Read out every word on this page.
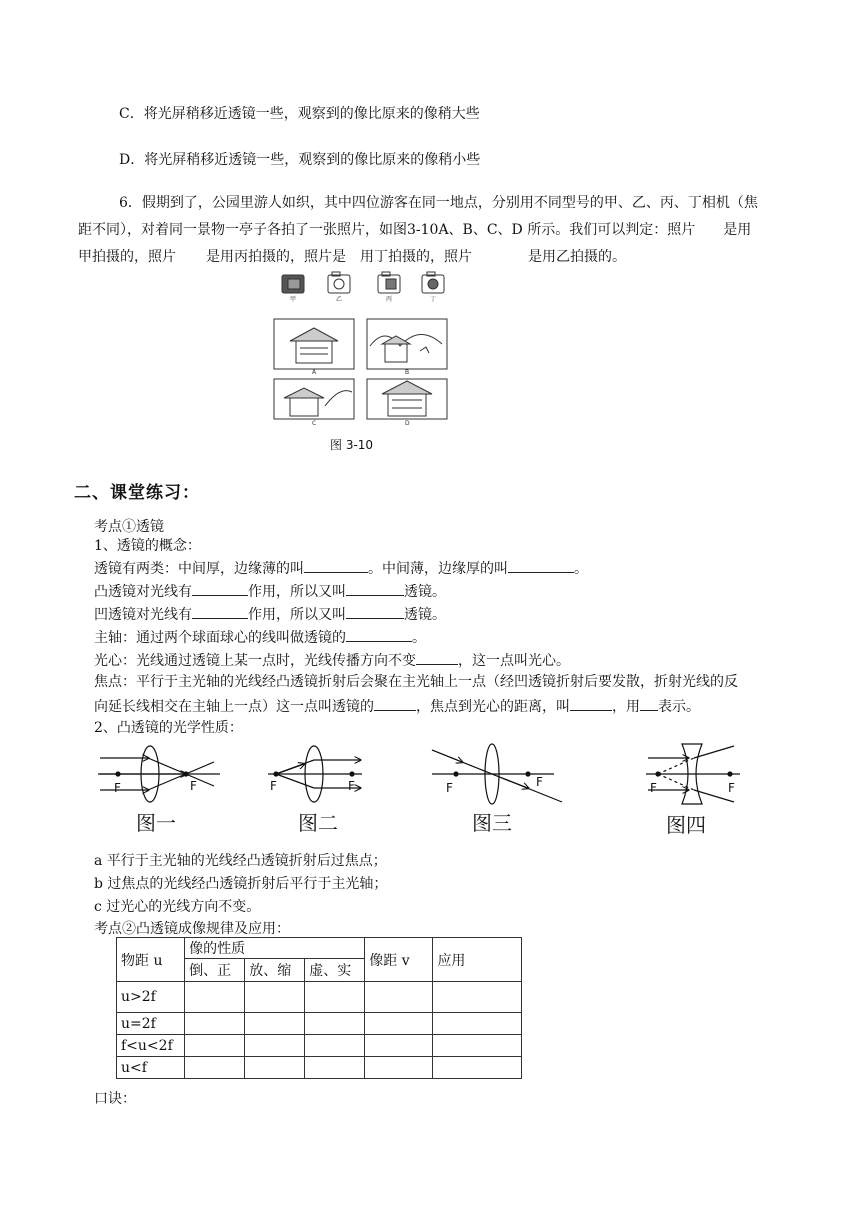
C．将光屏稍移近透镜一些，观察到的像比原来的像稍大些
D．将光屏稍移近透镜一些，观察到的像比原来的像稍小些
6．假期到了，公园里游人如织，其中四位游客在同一地点，分别用不同型号的甲、乙、丙、丁相机（焦
距不同），对着同一景物一亭子各拍了一张照片，如图3-10A、B、C、D 所示。我们可以判定：照片 是用
甲拍摄的，照片 是用丙拍摄的，照片是 用丁拍摄的，照片	是用乙拍摄的。
甲	乙	丙	丁
A	B
C	D
图 3-10
二、课堂练习：
考点①透镜
1、透镜的概念：
透镜有两类：中间厚，边缘薄的叫	。中间薄，边缘厚的叫	。
凸透镜对光线有	作用，所以又叫	透镜。
凹透镜对光线有	作用，所以又叫	透镜。
主轴：通过两个球面球心的线叫做透镜的	。
光心：光线通过透镜上某一点时，光线传播方向不变	，这一点叫光心。
焦点：平行于主光轴的光线经凸透镜折射后会聚在主光轴上一点（经凹透镜折射后要发散，折射光线的反
向延长线相交在主轴上一点）这一点叫透镜的	，焦点到光心的距离，叫	，用 表示。
2、凸透镜的光学性质：
F	F	F	F	F	F	F	F
图一	图二	图三	图四
a 平行于主光轴的光线经凸透镜折射后过焦点；
b 过焦点的光线经凸透镜折射后平行于主光轴；
c 过光心的光线方向不变。
考点②凸透镜成像规律及应用：
物距 u	像的性质			像距 v	应用
	倒、正	放、缩	虚、实		
u>2f					
u=2f					
f<u<2f					
u<f					
口诀：
